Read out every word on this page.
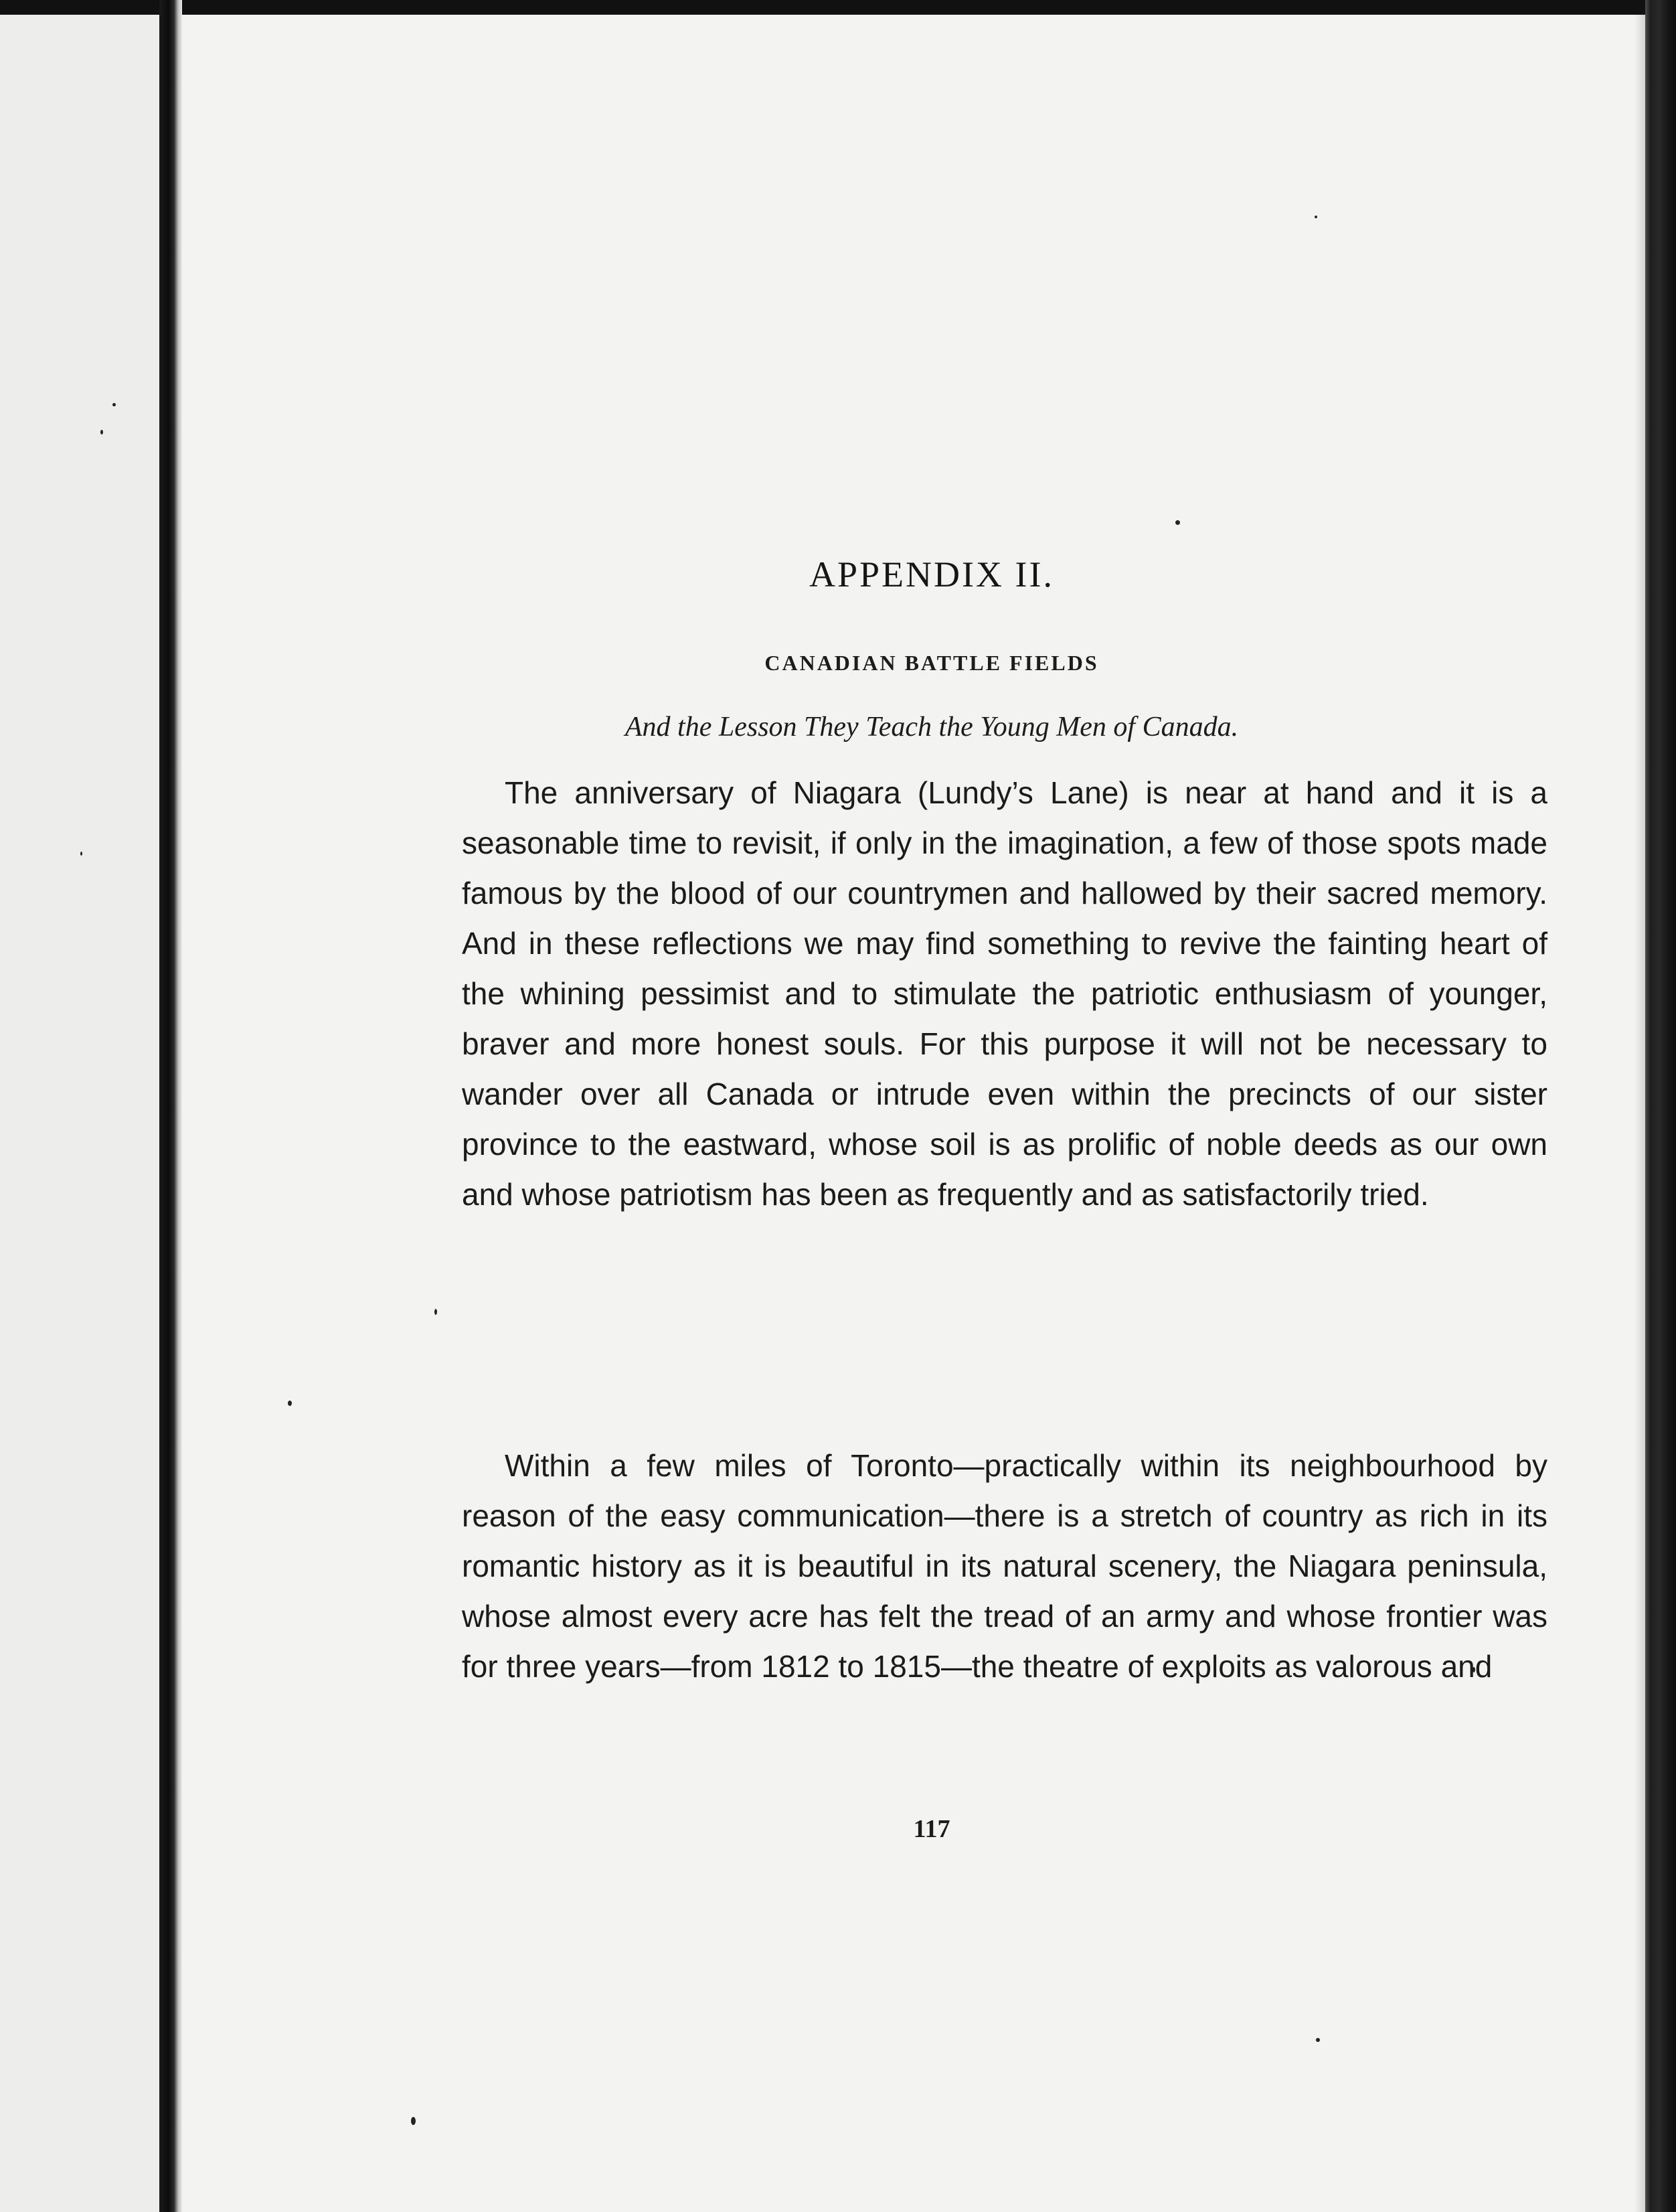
APPENDIX II.
CANADIAN BATTLE FIELDS

And the Lesson They Teach the Young Men of Canada.

The anniversary of Niagara (Lundy’s Lane) is near at hand and it is a seasonable time to revisit, if only in the imagination, a few of those spots made famous by the blood of our countrymen and hallowed by their sacred memory. And in these reflections we may find something to revive the fainting heart of the whining pessimist and to stimulate the patriotic enthusiasm of younger, braver and more honest souls. For this purpose it will not be necessary to wander over all Canada or intrude even within the precincts of our sister province to the eastward, whose soil is as prolific of noble deeds as our own and whose patriotism has been as frequently and as satisfactorily tried.

Within a few miles of Toronto—practically within its neighbourhood by reason of the easy communication—there is a stretch of country as rich in its romantic history as it is beautiful in its natural scenery, the Niagara peninsula, whose almost every acre has felt the tread of an army and whose frontier was for three years—from 1812 to 1815—the theatre of exploits as valorous and

117
